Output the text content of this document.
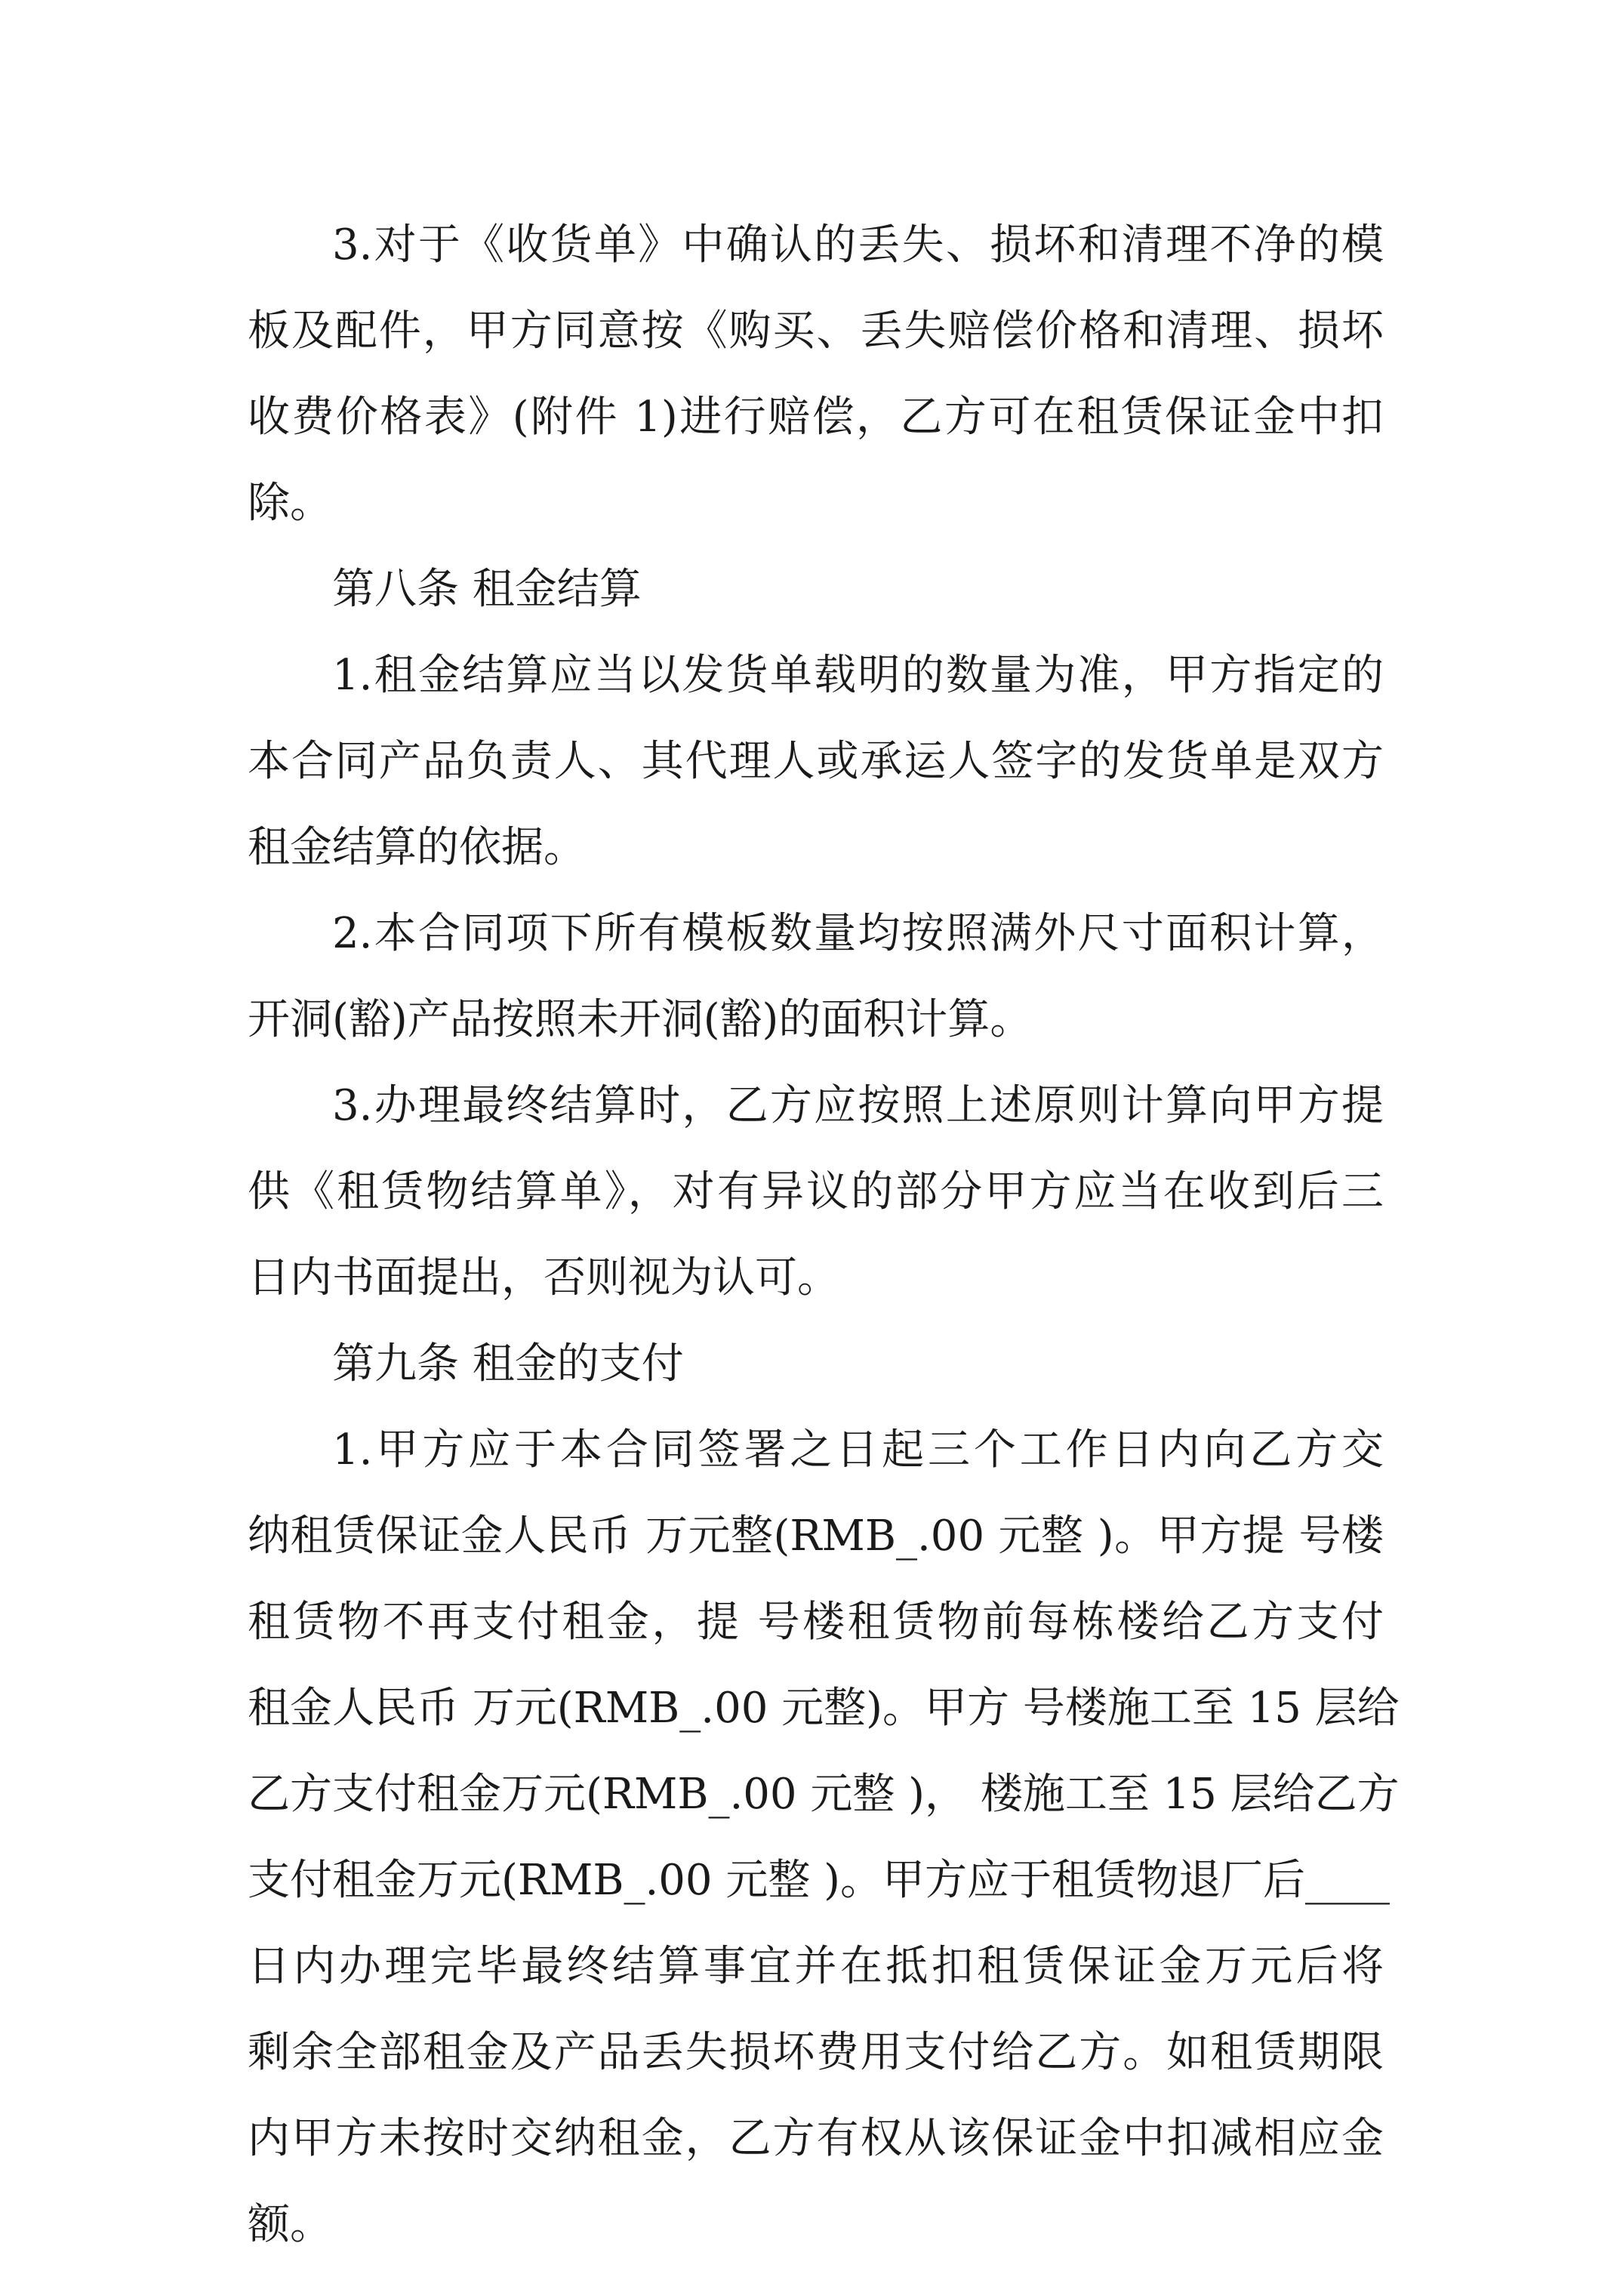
3.对于《收货单》中确认的丢失、损坏和清理不净的模
板及配件，甲方同意按《购买、丢失赔偿价格和清理、损坏
收费价格表》(附件 1)进行赔偿，乙方可在租赁保证金中扣
除。
第八条 租金结算
1.租金结算应当以发货单载明的数量为准，甲方指定的
本合同产品负责人、其代理人或承运人签字的发货单是双方
租金结算的依据。
2.本合同项下所有模板数量均按照满外尺寸面积计算，
开洞(豁)产品按照未开洞(豁)的面积计算。
3.办理最终结算时，乙方应按照上述原则计算向甲方提
供《租赁物结算单》，对有异议的部分甲方应当在收到后三
日内书面提出，否则视为认可。
第九条 租金的支付
1.甲方应于本合同签署之日起三个工作日内向乙方交
纳租赁保证金人民币 万元整(RMB_.00 元整 )。甲方提 号楼
租赁物不再支付租金，提 号楼租赁物前每栋楼给乙方支付
租金人民币 万元(RMB_.00 元整)。甲方 号楼施工至 15 层给
乙方支付租金万元(RMB_.00 元整 )， 楼施工至 15 层给乙方
支付租金万元(RMB_.00 元整 )。甲方应于租赁物退厂后____
日内办理完毕最终结算事宜并在抵扣租赁保证金万元后将
剩余全部租金及产品丢失损坏费用支付给乙方。如租赁期限
内甲方未按时交纳租金，乙方有权从该保证金中扣减相应金
额。
